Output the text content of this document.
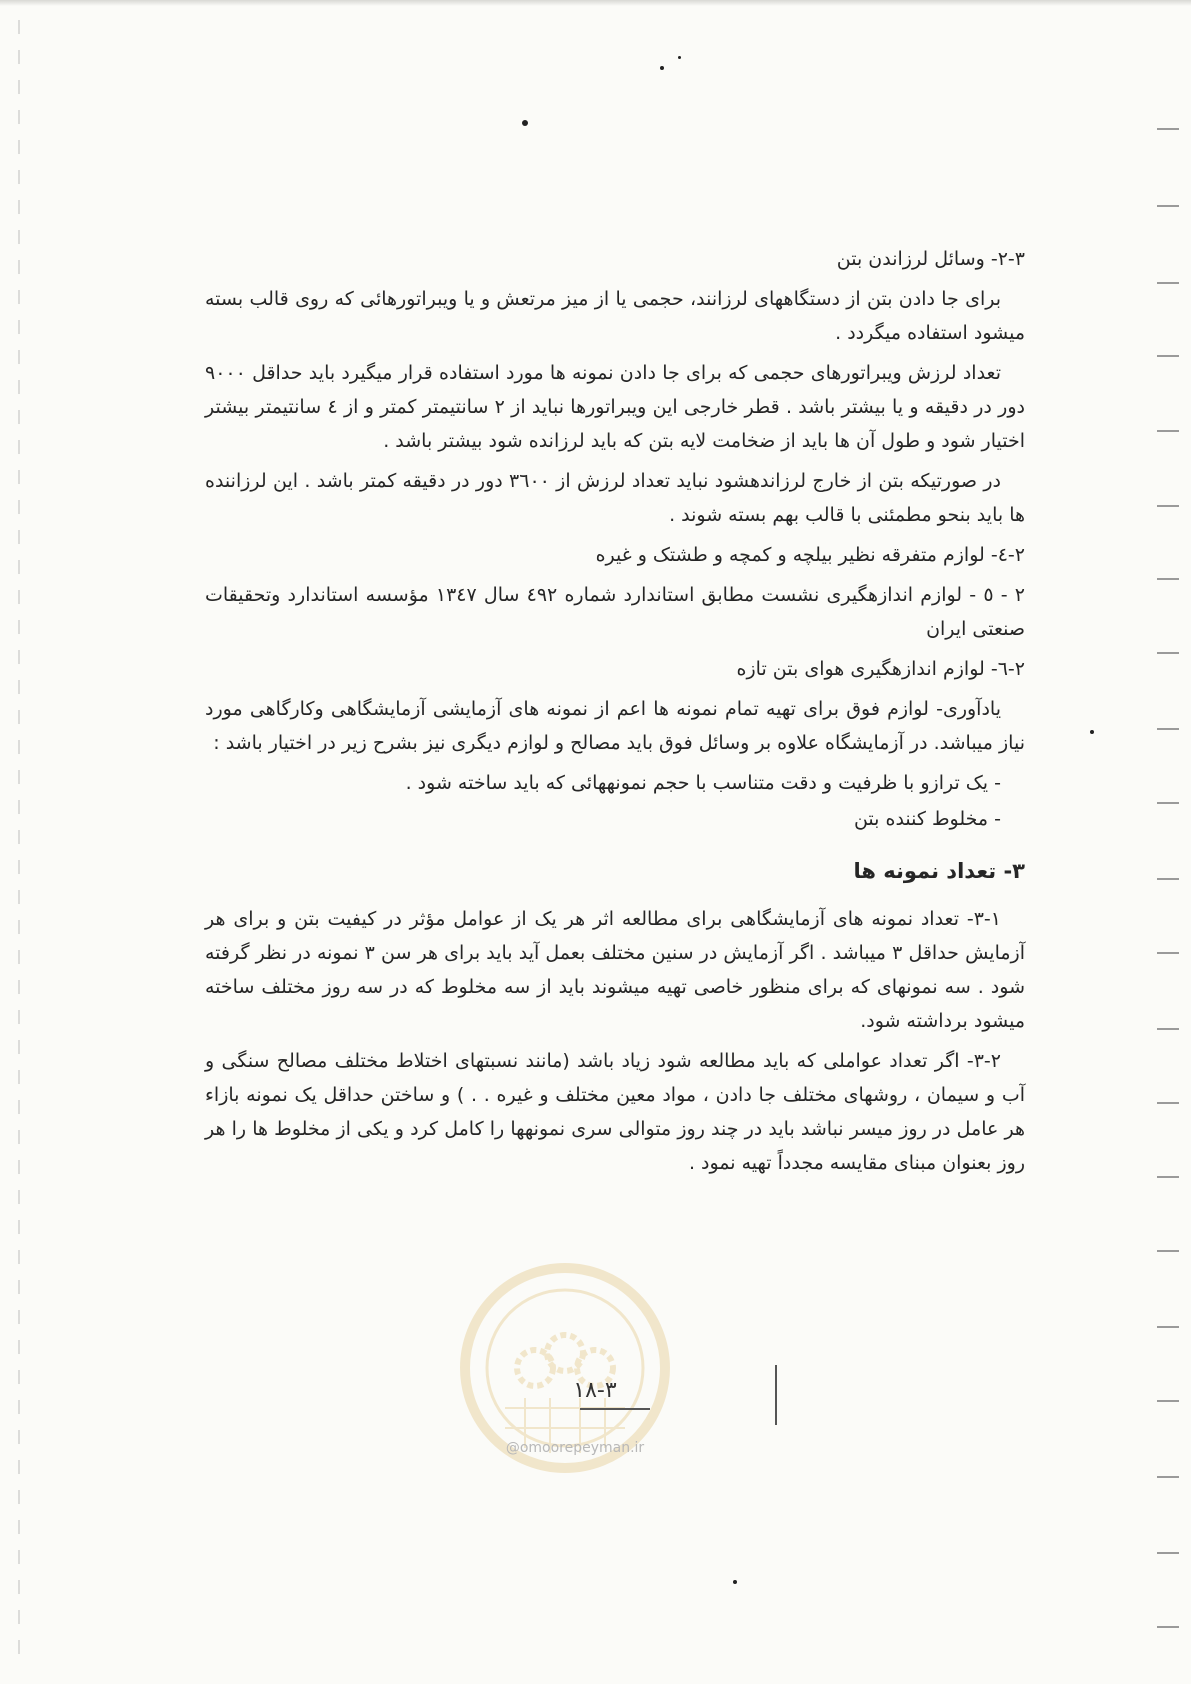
۲-۳- وسائل لرزاندن بتن

برای جا دادن بتن از دستگاههای لرزانند، حجمی یا از میز مرتعش و یا ویبراتورهائی که روی قالب بسته میشود استفاده میگردد .

تعداد لرزش ویبراتورهای حجمی که برای جا دادن نمونه ها مورد استفاده قرار میگیرد باید حداقل ۹۰۰۰ دور در دقیقه و یا بیشتر باشد . قطر خارجی این ویبراتورها نباید از ۲ سانتیمتر کمتر و از ٤ سانتیمتر بیشتر اختیار شود و طول آن ها باید از ضخامت لایه بتن که باید لرزانده شود بیشتر باشد .

در صورتیکه بتن از خارج لرزاندهشود نباید تعداد لرزش از ۳٦۰۰ دور در دقیقه کمتر باشد . این لرزاننده ها باید بنحو مطمئنی با قالب بهم بسته شوند .

۲-٤- لوازم متفرقه نظیر بیلچه و کمچه و طشتک و غیره

۲ - ٥ - لوازم اندازهگیری نشست مطابق استاندارد شماره ٤۹۲ سال ۱۳٤۷ مؤسسه استاندارد وتحقیقات صنعتی ایران

۲-٦- لوازم اندازهگیری هوای بتن تازه

یادآوری- لوازم فوق برای تهیه تمام نمونه ها اعم از نمونه های آزمایشی آزمایشگاهی وکارگاهی مورد نیاز میباشد. در آزمایشگاه علاوه بر وسائل فوق باید مصالح و لوازم دیگری نیز بشرح زیر در اختیار باشد :

- یک ترازو با ظرفیت و دقت متناسب با حجم نمونههائی که باید ساخته شود .

- مخلوط کننده بتن

۳- تعداد نمونه ها

۳-۱- تعداد نمونه های آزمایشگاهی برای مطالعه اثر هر یک از عوامل مؤثر در کیفیت بتن و برای هر آزمایش حداقل ۳ میباشد . اگر آزمایش در سنین مختلف بعمل آید باید برای هر سن ۳ نمونه در نظر گرفته شود . سه نمونهای که برای منظور خاصی تهیه میشوند باید از سه مخلوط که در سه روز مختلف ساخته میشود برداشته شود.

۳-۲- اگر تعداد عواملی که باید مطالعه شود زیاد باشد (مانند نسبتهای اختلاط مختلف مصالح سنگی و آب و سیمان ، روشهای مختلف جا دادن ، مواد معین مختلف و غیره . . ) و ساختن حداقل یک نمونه بازاء هر عامل در روز میسر نباشد باید در چند روز متوالی سری نمونهها را کامل کرد و یکی از مخلوط ها را هر روز بعنوان مبنای مقایسه مجدداً تهیه نمود .

@omoorepeyman.ir
۱۸-۳
